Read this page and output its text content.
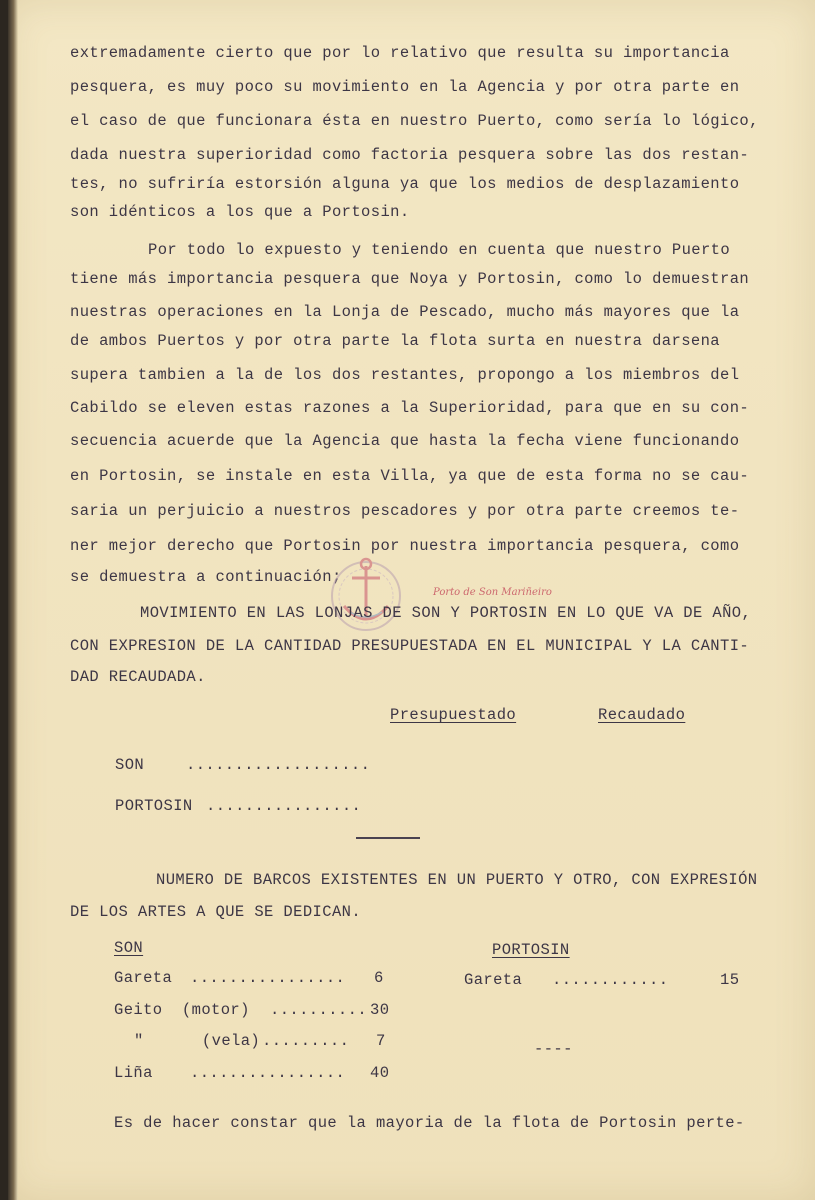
extremadamente cierto que por lo relativo que resulta su importancia
pesquera, es muy poco su movimiento en la Agencia y por otra parte en
el caso de que funcionara ésta en nuestro Puerto, como sería lo lógico,
dada nuestra superioridad como factoria pesquera sobre las dos restan-
tes, no sufriría estorsión alguna ya que los medios de desplazamiento
son idénticos a los que a Portosin.
Por todo lo expuesto y teniendo en cuenta que nuestro Puerto
tiene más importancia pesquera que Noya y Portosin, como lo demuestran
nuestras operaciones en la Lonja de Pescado, mucho más mayores que la
de ambos Puertos y por otra parte la flota surta en nuestra darsena
supera tambien a la de los dos restantes, propongo a los miembros del
Cabildo se eleven estas razones a la Superioridad, para que en su con-
secuencia acuerde que la Agencia que hasta la fecha viene funcionando
en Portosin, se instale en esta Villa, ya que de esta forma no se cau-
saria un perjuicio a nuestros pescadores y por otra parte creemos te-
ner mejor derecho que Portosin por nuestra importancia pesquera, como
se demuestra a continuación;
Porto de Son Mariñeiro
MOVIMIENTO EN LAS LONJAS DE SON Y PORTOSIN EN LO QUE VA DE AÑO,
CON EXPRESION DE LA CANTIDAD PRESUPUESTADA EN EL MUNICIPAL Y LA CANTI-
DAD RECAUDADA.
Presupuestado	Recaudado
SON	...................
PORTOSIN ................
NUMERO DE BARCOS EXISTENTES EN UN PUERTO Y OTRO, CON EXPRESIÓN
DE LOS ARTES A QUE SE DEDICAN.
SON
Gareta ................ 6
Geito  (motor) .......... 30
"      (vela) ......... 7
Liña ................ 40
PORTOSIN
Gareta ............	15
----
Es de hacer constar que la mayoria de la flota de Portosin perte-
